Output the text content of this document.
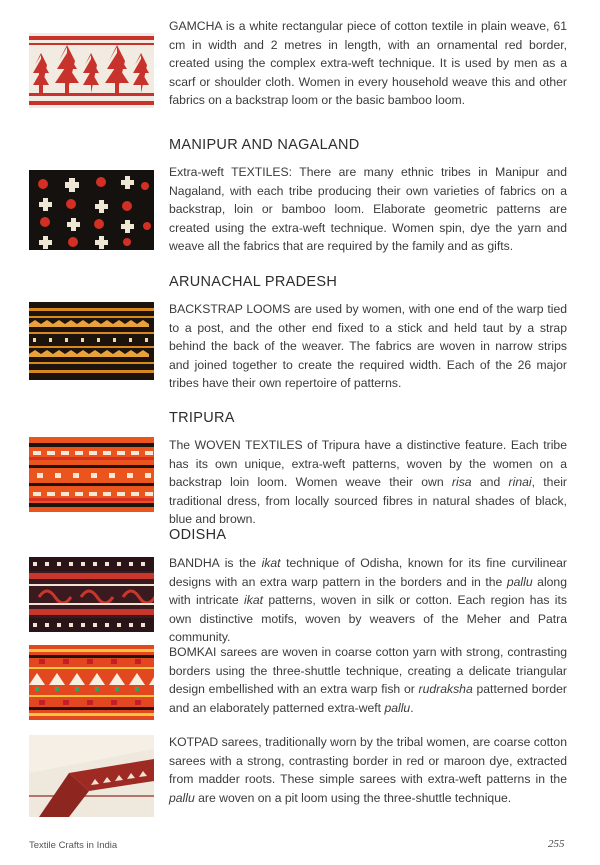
GAMCHA is a white rectangular piece of cotton textile in plain weave, 61 cm in width and 2 metres in length, with an ornamental red border, created using the complex extra-weft technique. It is used by men as a scarf or shoulder cloth. Women in every household weave this and other fabrics on a backstrap loom or the basic bamboo loom.
MANIPUR AND NAGALAND
Extra-weft TEXTILES: There are many ethnic tribes in Manipur and Nagaland, with each tribe producing their own varieties of fabrics on a backstrap, loin or bamboo loom. Elaborate geometric patterns are created using the extra-weft technique. Women spin, dye the yarn and weave all the fabrics that are required by the family and as gifts.
ARUNACHAL PRADESH
BACKSTRAP LOOMS are used by women, with one end of the warp tied to a post, and the other end fixed to a stick and held taut by a strap behind the back of the weaver. The fabrics are woven in narrow strips and joined together to create the required width. Each of the 26 major tribes have their own repertoire of patterns.
TRIPURA
The WOVEN TEXTILES of Tripura have a distinctive feature. Each tribe has its own unique, extra-weft patterns, woven by the women on a backstrap loin loom. Women weave their own risa and rinai, their traditional dress, from locally sourced fibres in natural shades of black, blue and brown.
ODISHA
BANDHA is the ikat technique of Odisha, known for its fine curvilinear designs with an extra warp pattern in the borders and in the pallu along with intricate ikat patterns, woven in silk or cotton. Each region has its own distinctive motifs, woven by weavers of the Meher and Patra community.
BOMKAI sarees are woven in coarse cotton yarn with strong, contrasting borders using the three-shuttle technique, creating a delicate triangular design embellished with an extra warp fish or rudraksha patterned border and an elaborately patterned extra-weft pallu.
KOTPAD sarees, traditionally worn by the tribal women, are coarse cotton sarees with a strong, contrasting border in red or maroon dye, extracted from madder roots. These simple sarees with extra-weft patterns in the pallu are woven on a pit loom using the three-shuttle technique.
Textile Crafts in India	255
